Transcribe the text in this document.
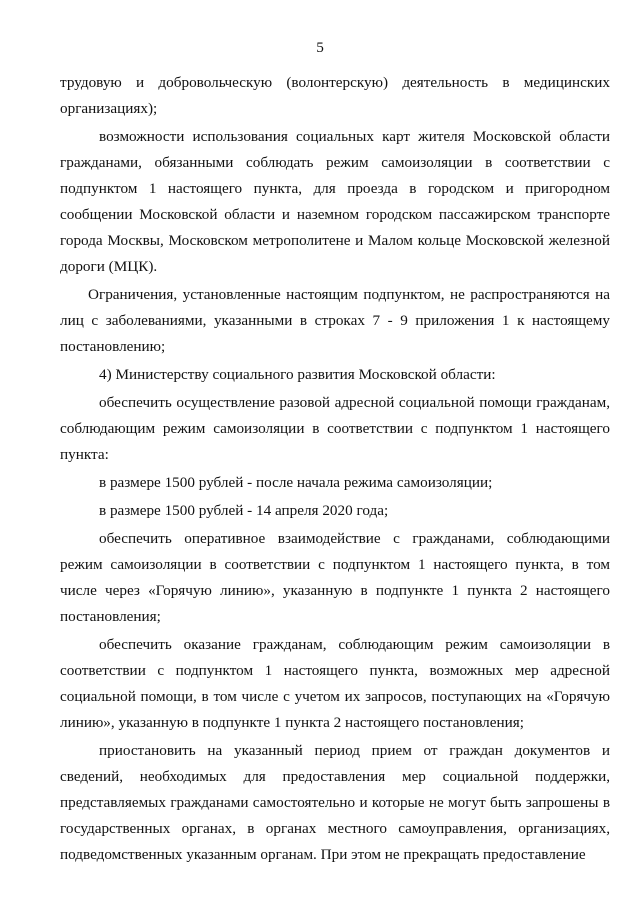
5

трудовую и добровольческую (волонтерскую) деятельность в медицинских организациях);

возможности использования социальных карт жителя Московской области гражданами, обязанными соблюдать режим самоизоляции в соответствии с подпунктом 1 настоящего пункта, для проезда в городском и пригородном сообщении Московской области и наземном городском пассажирском транспорте города Москвы, Московском метрополитене и Малом кольце Московской железной дороги (МЦК).

Ограничения, установленные настоящим подпунктом, не распространяются на лиц с заболеваниями, указанными в строках 7 - 9 приложения 1 к настоящему постановлению;

4) Министерству социального развития Московской области:

обеспечить осуществление разовой адресной социальной помощи гражданам, соблюдающим режим самоизоляции в соответствии с подпунктом 1 настоящего пункта:

в размере 1500 рублей - после начала режима самоизоляции;

в размере 1500 рублей - 14 апреля 2020 года;

обеспечить оперативное взаимодействие с гражданами, соблюдающими режим самоизоляции в соответствии с подпунктом 1 настоящего пункта, в том числе через «Горячую линию», указанную в подпункте 1 пункта 2 настоящего постановления;

обеспечить оказание гражданам, соблюдающим режим самоизоляции в соответствии с подпунктом 1 настоящего пункта, возможных мер адресной социальной помощи, в том числе с учетом их запросов, поступающих на «Горячую линию», указанную в подпункте 1 пункта 2 настоящего постановления;

приостановить на указанный период прием от граждан документов и сведений, необходимых для предоставления мер социальной поддержки, представляемых гражданами самостоятельно и которые не могут быть запрошены в государственных органах, в органах местного самоуправления, организациях, подведомственных указанным органам. При этом не прекращать предоставление
